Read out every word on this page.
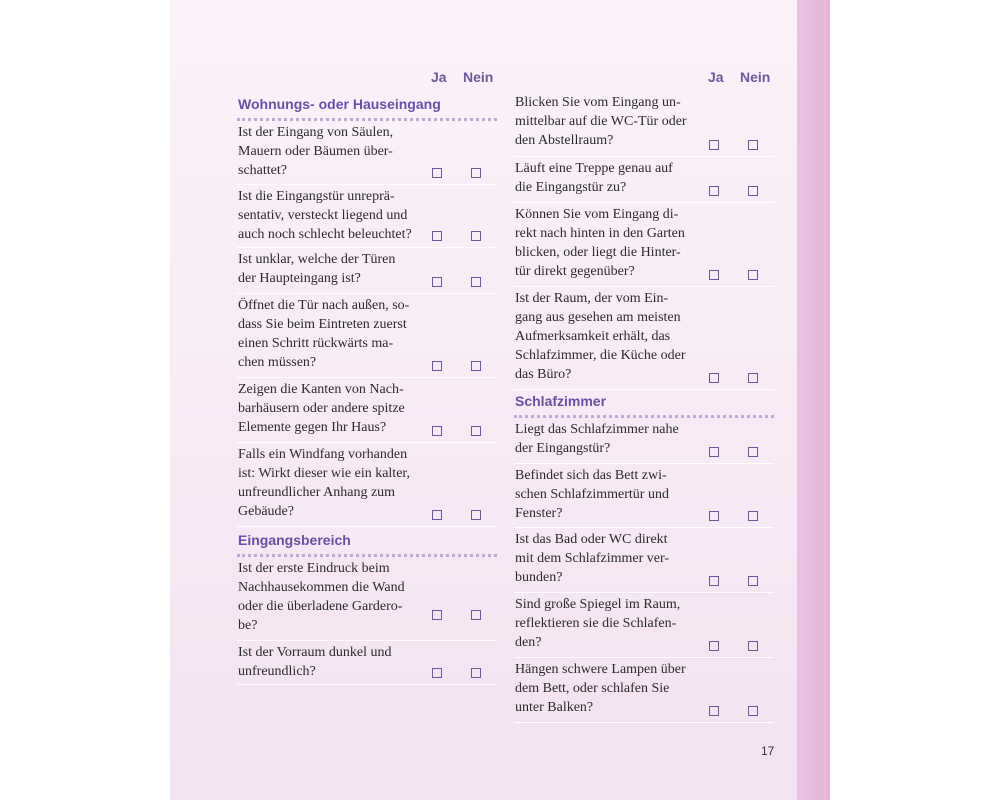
Ja Nein
Wohnungs- oder Hauseingang
Ist der Eingang von Säulen,
Mauern oder Bäumen über-
schattet?
Ist die Eingangstür unreprä-
sentativ, versteckt liegend und
auch noch schlecht beleuchtet?
Ist unklar, welche der Türen
der Haupteingang ist?
Öffnet die Tür nach außen, so-
dass Sie beim Eintreten zuerst
einen Schritt rückwärts ma-
chen müssen?
Zeigen die Kanten von Nach-
barhäusern oder andere spitze
Elemente gegen Ihr Haus?
Falls ein Windfang vorhanden
ist: Wirkt dieser wie ein kalter,
unfreundlicher Anhang zum
Gebäude?
Eingangsbereich
Ist der erste Eindruck beim
Nachhausekommen die Wand
oder die überladene Gardero-
be?
Ist der Vorraum dunkel und
unfreundlich?
Ja Nein
Blicken Sie vom Eingang un-
mittelbar auf die WC-Tür oder
den Abstellraum?
Läuft eine Treppe genau auf
die Eingangstür zu?
Können Sie vom Eingang di-
rekt nach hinten in den Garten
blicken, oder liegt die Hinter-
tür direkt gegenüber?
Ist der Raum, der vom Ein-
gang aus gesehen am meisten
Aufmerksamkeit erhält, das
Schlafzimmer, die Küche oder
das Büro?
Schlafzimmer
Liegt das Schlafzimmer nahe
der Eingangstür?
Befindet sich das Bett zwi-
schen Schlafzimmertür und
Fenster?
Ist das Bad oder WC direkt
mit dem Schlafzimmer ver-
bunden?
Sind große Spiegel im Raum,
reflektieren sie die Schlafen-
den?
Hängen schwere Lampen über
dem Bett, oder schlafen Sie
unter Balken?
17
